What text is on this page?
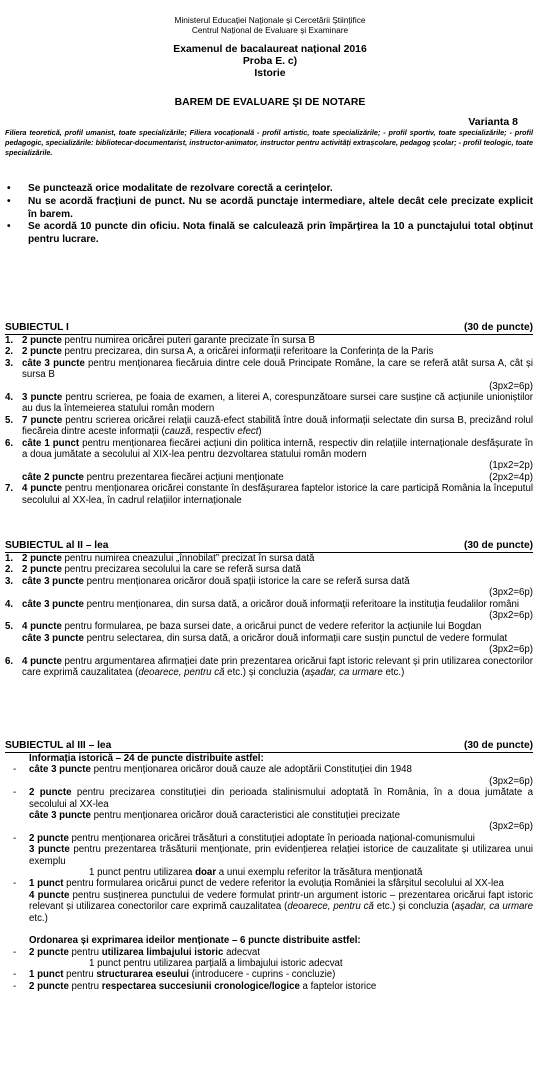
Ministerul Educației Naționale și Cercetării Științifice
Centrul Național de Evaluare și Examinare
Examenul de bacalaureat național 2016
Proba E. c)
Istorie
BAREM DE EVALUARE ŞI DE NOTARE
Varianta 8
Filiera teoretică, profil umanist, toate specializările; Filiera vocațională - profil artistic, toate specializările; - profil sportiv, toate specializările; - profil pedagogic, specializările: bibliotecar-documentarist, instructor-animator, instructor pentru activități extrașcolare, pedagog școlar; - profil teologic, toate specializările.
• Se punctează orice modalitate de rezolvare corectă a cerințelor.
• Nu se acordă fracțiuni de punct. Nu se acordă punctaje intermediare, altele decât cele precizate explicit în barem.
• Se acordă 10 puncte din oficiu. Nota finală se calculează prin împărțirea la 10 a punctajului total obținut pentru lucrare.
SUBIECTUL I	(30 de puncte)
1. 2 puncte pentru numirea oricărei puteri garante precizate în sursa B
2. 2 puncte pentru precizarea, din sursa A, a oricărei informații referitoare la Conferința de la Paris
3. câte 3 puncte pentru menționarea fiecăruia dintre cele două Principate Române, la care se referă atât sursa A, cât și sursa B
(3px2=6p)
4. 3 puncte pentru scrierea, pe foaia de examen, a literei A, corespunzătoare sursei care susține că acțiunile unioniștilor au dus la întemeierea statului român modern
5. 7 puncte pentru scrierea oricărei relații cauză-efect stabilită între două informații selectate din sursa B, precizând rolul fiecăreia dintre aceste informații (cauză, respectiv efect)
6. câte 1 punct pentru menționarea fiecărei acțiuni din politica internă, respectiv din relațiile internaționale desfășurate în a doua jumătate a secolului al XIX-lea pentru dezvoltarea statului român modern
(1px2=2p)
câte 2 puncte pentru prezentarea fiecărei acțiuni menționate	(2px2=4p)
7. 4 puncte pentru menționarea oricărei constante în desfășurarea faptelor istorice la care participă România la începutul secolului al XX-lea, în cadrul relațiilor internaționale
SUBIECTUL al II – lea	(30 de puncte)
1. 2 puncte pentru numirea cneazului „înnobilat” precizat în sursa dată
2. 2 puncte pentru precizarea secolului la care se referă sursa dată
3. câte 3 puncte pentru menționarea oricăror două spații istorice la care se referă sursa dată
(3px2=6p)
4. câte 3 puncte pentru menționarea, din sursa dată, a oricăror două informații referitoare la instituția feudalilor români
(3px2=6p)
5. 4 puncte pentru formularea, pe baza sursei date, a oricărui punct de vedere referitor la acțiunile lui Bogdan
câte 3 puncte pentru selectarea, din sursa dată, a oricăror două informații care susțin punctul de vedere formulat
(3px2=6p)
6. 4 puncte pentru argumentarea afirmației date prin prezentarea oricărui fapt istoric relevant și prin utilizarea conectorilor care exprimă cauzalitatea (deoarece, pentru că etc.) și concluzia (așadar, ca urmare etc.)
SUBIECTUL al III – lea	(30 de puncte)
Informația istorică – 24 de puncte distribuite astfel:
- câte 3 puncte pentru menționarea oricăror două cauze ale adoptării Constituției din 1948
(3px2=6p)
- 2 puncte pentru precizarea constituției din perioada stalinismului adoptată în România, în a doua jumătate a secolului al XX-lea
câte 3 puncte pentru menționarea oricăror două caracteristici ale constituției precizate
(3px2=6p)
- 2 puncte pentru menționarea oricărei trăsături a constituției adoptate în perioada național-comunismului
3 puncte pentru prezentarea trăsăturii menționate, prin evidențierea relației istorice de cauzalitate și utilizarea unui exemplu
1 punct pentru utilizarea doar a unui exemplu referitor la trăsătura menționată
- 1 punct pentru formularea oricărui punct de vedere referitor la evoluția României la sfârșitul secolului al XX-lea
4 puncte pentru susținerea punctului de vedere formulat printr-un argument istoric – prezentarea oricărui fapt istoric relevant și utilizarea conectorilor care exprimă cauzalitatea (deoarece, pentru că etc.) și concluzia (așadar, ca urmare etc.)
Ordonarea și exprimarea ideilor menționate – 6 puncte distribuite astfel:
- 2 puncte pentru utilizarea limbajului istoric adecvat
1 punct pentru utilizarea parțială a limbajului istoric adecvat
- 1 punct pentru structurarea eseului (introducere - cuprins - concluzie)
- 2 puncte pentru respectarea succesiunii cronologice/logice a faptelor istorice
